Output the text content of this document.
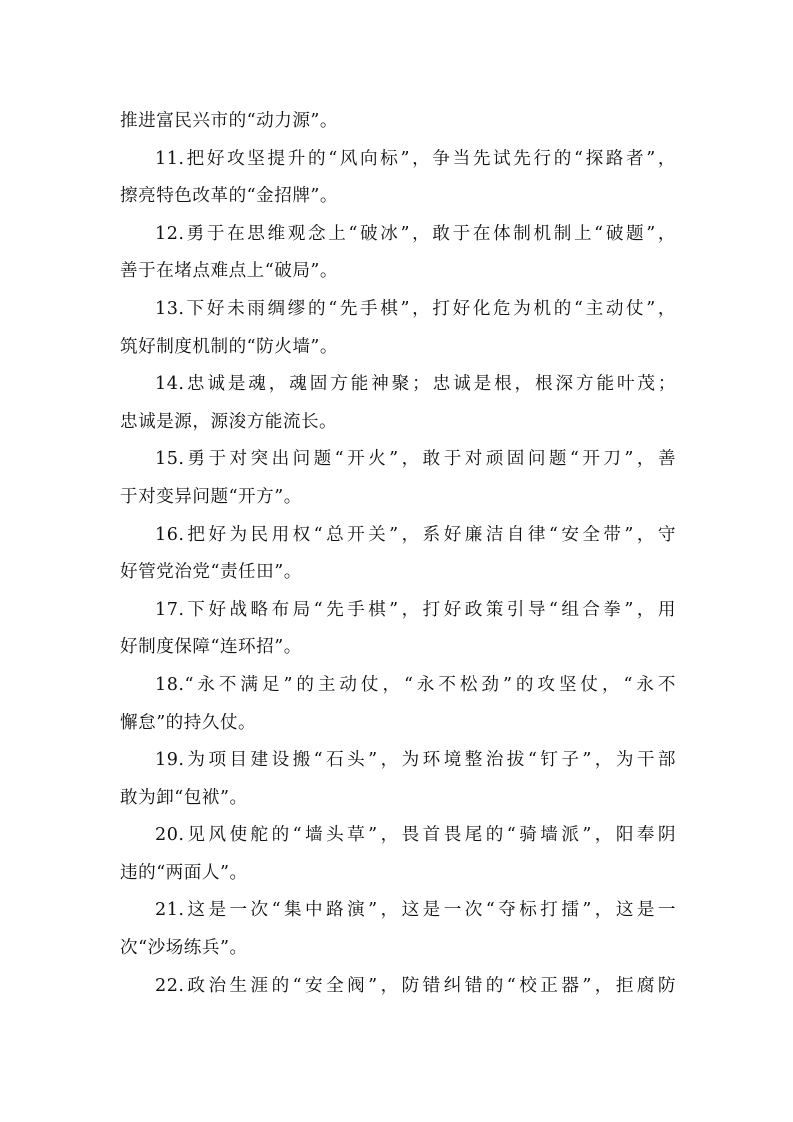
推进富民兴市的“动力源”。
11.把好攻坚提升的“风向标”，争当先试先行的“探路者”，
擦亮特色改革的“金招牌”。
12.勇于在思维观念上“破冰”，敢于在体制机制上“破题”，
善于在堵点难点上“破局”。
13.下好未雨绸缪的“先手棋”，打好化危为机的“主动仗”，
筑好制度机制的“防火墙”。
14.忠诚是魂，魂固方能神聚；忠诚是根，根深方能叶茂；
忠诚是源，源浚方能流长。
15.勇于对突出问题“开火”，敢于对顽固问题“开刀”，善
于对变异问题“开方”。
16.把好为民用权“总开关”，系好廉洁自律“安全带”，守
好管党治党“责任田”。
17.下好战略布局“先手棋”，打好政策引导“组合拳”，用
好制度保障“连环招”。
18.“永不满足”的主动仗，“永不松劲”的攻坚仗，“永不
懈怠”的持久仗。
19.为项目建设搬“石头”，为环境整治拔“钉子”，为干部
敢为卸“包袱”。
20.见风使舵的“墙头草”，畏首畏尾的“骑墙派”，阳奉阴
违的“两面人”。
21.这是一次“集中路演”，这是一次“夺标打擂”，这是一
次“沙场练兵”。
22.政治生涯的“安全阀”，防错纠错的“校正器”，拒腐防
